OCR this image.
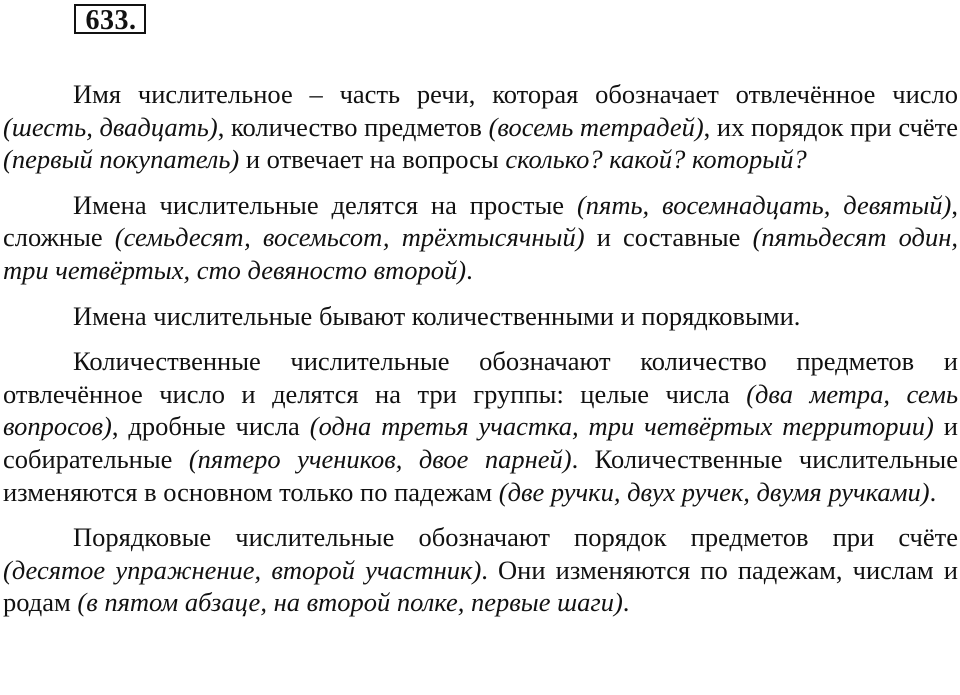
633.

Имя числительное – часть речи, которая обозначает отвлечённое число (шесть, двадцать), количество предметов (восемь тетрадей), их порядок при счёте (первый покупатель) и отвечает на вопросы сколько? какой? который?

Имена числительные делятся на простые (пять, восемнадцать, девятый), сложные (семьдесят, восемьсот, трёхтысячный) и составные (пятьдесят один, три четвёртых, сто девяносто второй).

Имена числительные бывают количественными и порядковыми.

Количественные числительные обозначают количество предметов и отвлечённое число и делятся на три группы: целые числа (два метра, семь вопросов), дробные числа (одна третья участка, три четвёртых территории) и собирательные (пятеро учеников, двое парней). Количественные числительные изменяются в основном только по падежам (две ручки, двух ручек, двумя ручками).

Порядковые числительные обозначают порядок предметов при счёте (десятое упражнение, второй участник). Они изменяются по падежам, числам и родам (в пятом абзаце, на второй полке, первые шаги).
